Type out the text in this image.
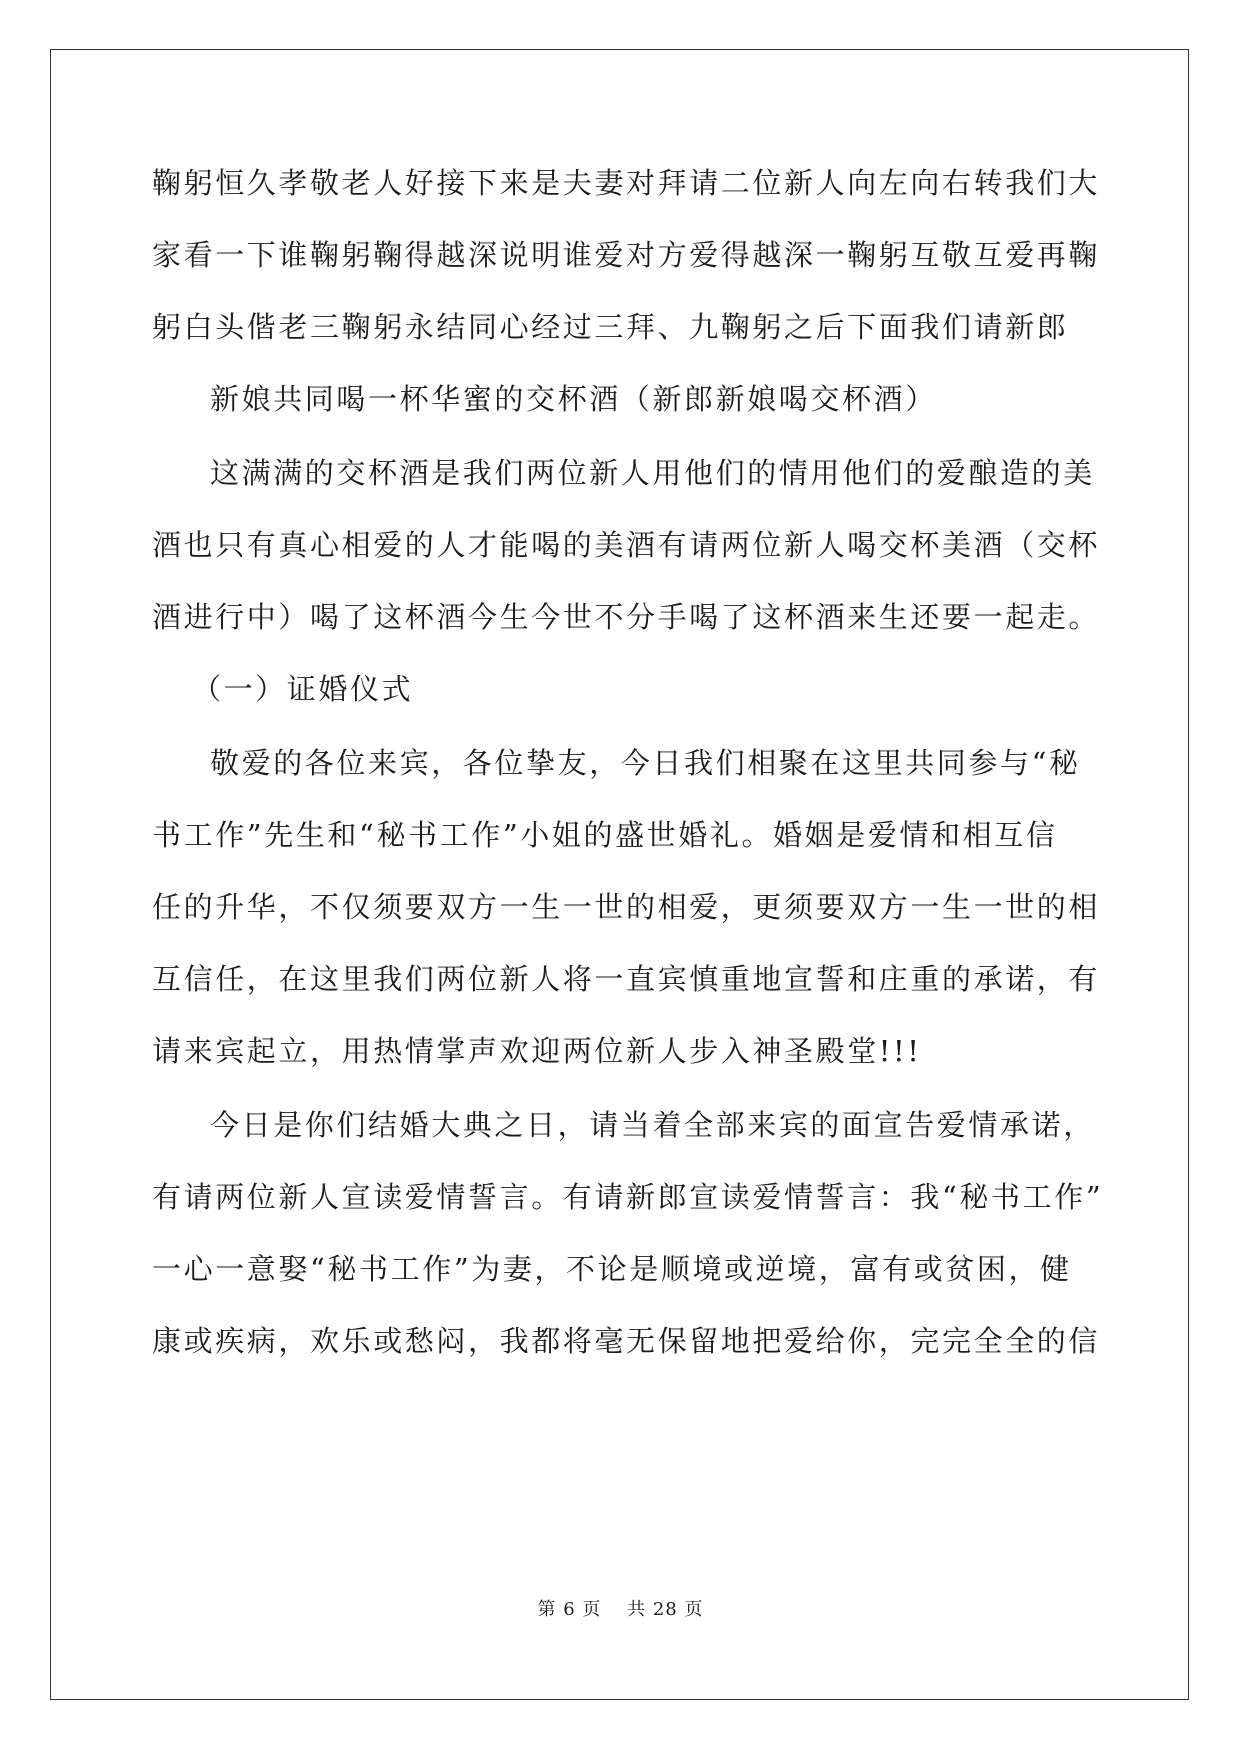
鞠躬恒久孝敬老人好接下来是夫妻对拜请二位新人向左向右转我们大
家看一下谁鞠躬鞠得越深说明谁爱对方爱得越深一鞠躬互敬互爱再鞠
躬白头偕老三鞠躬永结同心经过三拜、九鞠躬之后下面我们请新郎
新娘共同喝一杯华蜜的交杯酒（新郎新娘喝交杯酒）
这满满的交杯酒是我们两位新人用他们的情用他们的爱酿造的美
酒也只有真心相爱的人才能喝的美酒有请两位新人喝交杯美酒（交杯
酒进行中）喝了这杯酒今生今世不分手喝了这杯酒来生还要一起走。
（一）证婚仪式
敬爱的各位来宾，各位挚友，今日我们相聚在这里共同参与“秘
书工作”先生和“秘书工作”小姐的盛世婚礼。婚姻是爱情和相互信
任的升华，不仅须要双方一生一世的相爱，更须要双方一生一世的相
互信任，在这里我们两位新人将一直宾慎重地宣誓和庄重的承诺，有
请来宾起立，用热情掌声欢迎两位新人步入神圣殿堂!!!
今日是你们结婚大典之日，请当着全部来宾的面宣告爱情承诺，
有请两位新人宣读爱情誓言。有请新郎宣读爱情誓言：我“秘书工作”
一心一意娶“秘书工作”为妻，不论是顺境或逆境，富有或贫困，健
康或疾病，欢乐或愁闷，我都将毫无保留地把爱给你，完完全全的信
第 6 页　 共 28 页
